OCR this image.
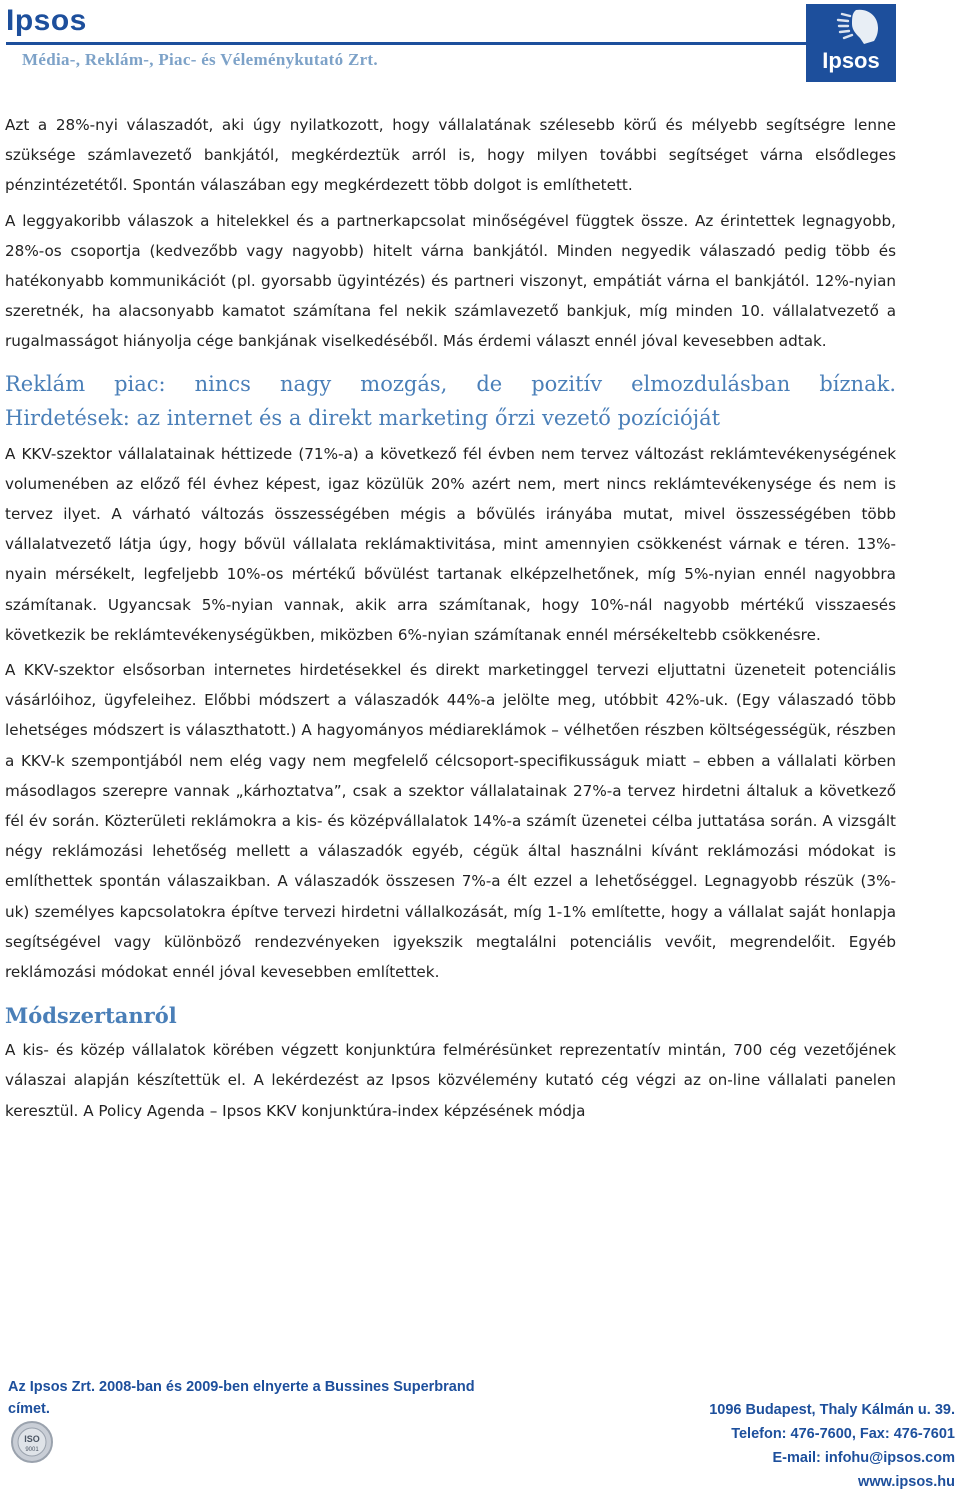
Ipsos
Média-, Reklám-, Piac- és Véleménykutató Zrt.	Ipsos

Azt a 28%-nyi válaszadót, aki úgy nyilatkozott, hogy vállalatának szélesebb körű és mélyebb segítségre lenne szüksége számlavezető bankjától, megkérdeztük arról is, hogy milyen további segítséget várna elsődleges pénzintézetétől. Spontán válaszában egy megkérdezett több dolgot is említhetett.

A leggyakoribb válaszok a hitelekkel és a partnerkapcsolat minőségével függtek össze. Az érintettek legnagyobb, 28%-os csoportja (kedvezőbb vagy nagyobb) hitelt várna bankjától. Minden negyedik válaszadó pedig több és hatékonyabb kommunikációt (pl. gyorsabb ügyintézés) és partneri viszonyt, empátiát várna el bankjától. 12%-nyian szeretnék, ha alacsonyabb kamatot számítana fel nekik számlavezető bankjuk, míg minden 10. vállalatvezető a rugalmasságot hiányolja cége bankjának viselkedéséből. Más érdemi választ ennél jóval kevesebben adtak.

Reklám piac: nincs nagy mozgás, de pozitív elmozdulásban bíznak.
Hirdetések: az internet és a direkt marketing őrzi vezető pozícióját

A KKV-szektor vállalatainak héttizede (71%-a) a következő fél évben nem tervez változást reklámtevékenységének volumenében az előző fél évhez képest, igaz közülük 20% azért nem, mert nincs reklámtevékenysége és nem is tervez ilyet. A várható változás összességében mégis a bővülés irányába mutat, mivel összességében több vállalatvezető látja úgy, hogy bővül vállalata reklámaktivitása, mint amennyien csökkenést várnak e téren. 13%-nyain mérsékelt, legfeljebb 10%-os mértékű bővülést tartanak elképzelhetőnek, míg 5%-nyian ennél nagyobbra számítanak. Ugyancsak 5%-nyian vannak, akik arra számítanak, hogy 10%-nál nagyobb mértékű visszaesés következik be reklámtevékenységükben, miközben 6%-nyian számítanak ennél mérsékeltebb csökkenésre.

A KKV-szektor elsősorban internetes hirdetésekkel és direkt marketinggel tervezi eljuttatni üzeneteit potenciális vásárlóihoz, ügyfeleihez. Előbbi módszert a válaszadók 44%-a jelölte meg, utóbbit 42%-uk. (Egy válaszadó több lehetséges módszert is választhatott.) A hagyományos médiareklámok – vélhetően részben költségességük, részben a KKV-k szempontjából nem elég vagy nem megfelelő célcsoport-specifikusságuk miatt – ebben a vállalati körben másodlagos szerepre vannak „kárhoztatva”, csak a szektor vállalatainak 27%-a tervez hirdetni általuk a következő fél év során. Közterületi reklámokra a kis- és középvállalatok 14%-a számít üzenetei célba juttatása során. A vizsgált négy reklámozási lehetőség mellett a válaszadók egyéb, cégük által használni kívánt reklámozási módokat is említhettek spontán válaszaikban. A válaszadók összesen 7%-a élt ezzel a lehetőséggel. Legnagyobb részük (3%-uk) személyes kapcsolatokra építve tervezi hirdetni vállalkozását, míg 1-1% említette, hogy a vállalat saját honlapja segítségével vagy különböző rendezvényeken igyekszik megtalálni potenciális vevőit, megrendelőit. Egyéb reklámozási módokat ennél jóval kevesebben említettek.

Módszertanról

A kis- és közép vállalatok körében végzett konjunktúra felmérésünket reprezentatív mintán, 700 cég vezetőjének válaszai alapján készítettük el. A lekérdezést az Ipsos közvélemény kutató cég végzi az on-line vállalati panelen keresztül. A Policy Agenda – Ipsos KKV konjunktúra-index képzésének módja

Az Ipsos Zrt. 2008-ban és 2009-ben elnyerte a Bussines Superbrand
címet.
ISO
9001
1096 Budapest, Thaly Kálmán u. 39.
Telefon: 476-7600, Fax: 476-7601
E-mail: infohu@ipsos.com
www.ipsos.hu
